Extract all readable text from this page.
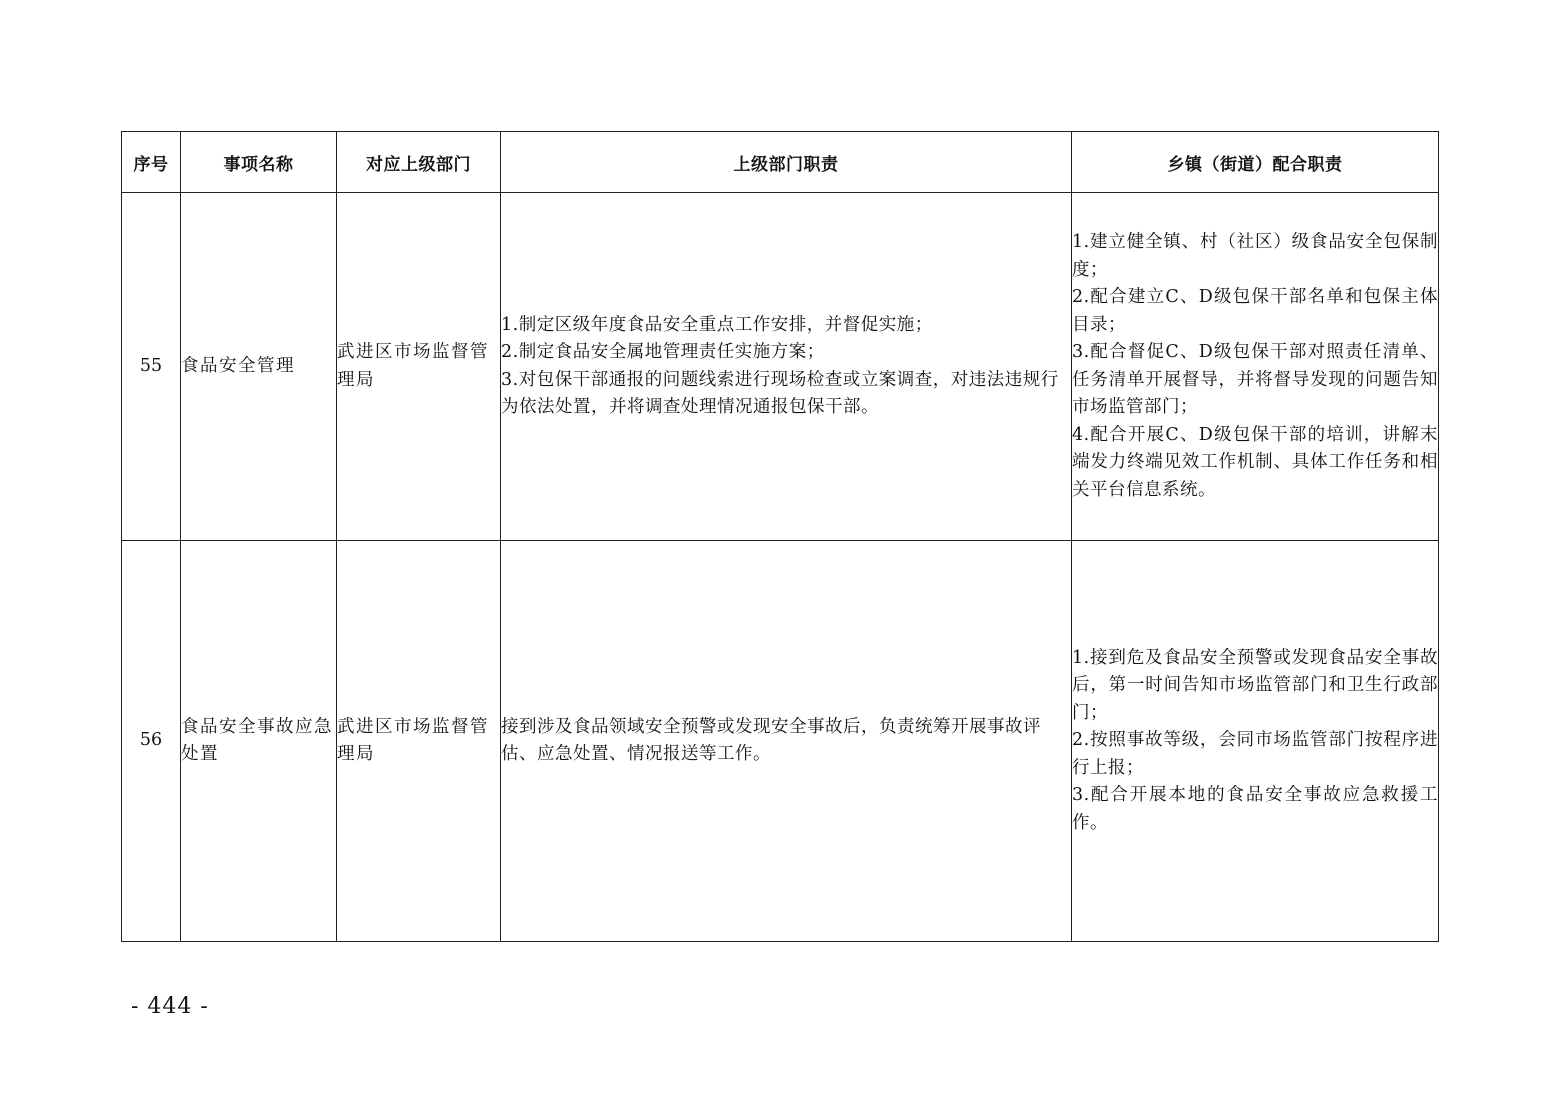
序号	事项名称	对应上级部门	上级部门职责	乡镇（街道）配合职责
55	食品安全管理	武进区市场监督管理局	1.制定区级年度食品安全重点工作安排，并督促实施；
2.制定食品安全属地管理责任实施方案；
3.对包保干部通报的问题线索进行现场检查或立案调查，对违法违规行为依法处置，并将调查处理情况通报包保干部。	1.建立健全镇、村（社区）级食品安全包保制度；
2.配合建立C、D级包保干部名单和包保主体目录；
3.配合督促C、D级包保干部对照责任清单、任务清单开展督导，并将督导发现的问题告知市场监管部门；
4.配合开展C、D级包保干部的培训，讲解末端发力终端见效工作机制、具体工作任务和相关平台信息系统。

56	食品安全事故应急处置	武进区市场监督管理局	接到涉及食品领域安全预警或发现安全事故后，负责统筹开展事故评估、应急处置、情况报送等工作。	1.接到危及食品安全预警或发现食品安全事故后，第一时间告知市场监管部门和卫生行政部门；
2.按照事故等级，会同市场监管部门按程序进行上报；
3.配合开展本地的食品安全事故应急救援工作。
- 444 -
